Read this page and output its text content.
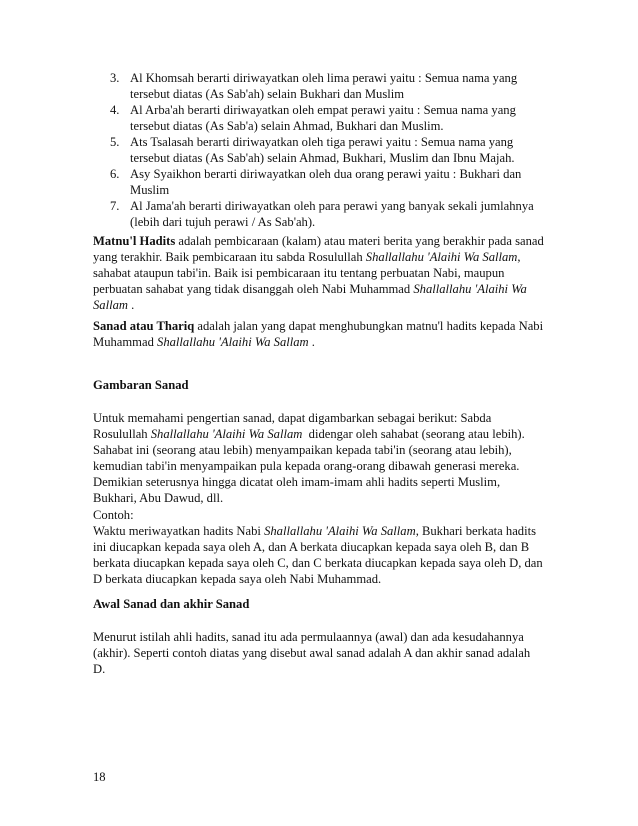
3. Al Khomsah berarti diriwayatkan oleh lima perawi yaitu : Semua nama yang
tersebut diatas (As Sab'ah) selain Bukhari dan Muslim
4. Al Arba'ah berarti diriwayatkan oleh empat perawi yaitu : Semua nama yang
tersebut diatas (As Sab'a) selain Ahmad, Bukhari dan Muslim.
5. Ats Tsalasah berarti diriwayatkan oleh tiga perawi yaitu : Semua nama yang
tersebut diatas (As Sab'ah) selain Ahmad, Bukhari, Muslim dan Ibnu Majah.
6. Asy Syaikhon berarti diriwayatkan oleh dua orang perawi yaitu : Bukhari dan
Muslim
7. Al Jama'ah berarti diriwayatkan oleh para perawi yang banyak sekali jumlahnya
(lebih dari tujuh perawi / As Sab'ah).
Matnu'l Hadits adalah pembicaraan (kalam) atau materi berita yang berakhir pada sanad
yang terakhir. Baik pembicaraan itu sabda Rosulullah Shallallahu 'Alaihi Wa Sallam,
sahabat ataupun tabi'in. Baik isi pembicaraan itu tentang perbuatan Nabi, maupun
perbuatan sahabat yang tidak disanggah oleh Nabi Muhammad Shallallahu 'Alaihi Wa
Sallam .
Sanad atau Thariq adalah jalan yang dapat menghubungkan matnu'l hadits kepada Nabi
Muhammad Shallallahu 'Alaihi Wa Sallam .
Gambaran Sanad
Untuk memahami pengertian sanad, dapat digambarkan sebagai berikut: Sabda
Rosulullah Shallallahu 'Alaihi Wa Sallam  didengar oleh sahabat (seorang atau lebih).
Sahabat ini (seorang atau lebih) menyampaikan kepada tabi'in (seorang atau lebih),
kemudian tabi'in menyampaikan pula kepada orang-orang dibawah generasi mereka.
Demikian seterusnya hingga dicatat oleh imam-imam ahli hadits seperti Muslim,
Bukhari, Abu Dawud, dll.
Contoh:
Waktu meriwayatkan hadits Nabi Shallallahu 'Alaihi Wa Sallam, Bukhari berkata hadits
ini diucapkan kepada saya oleh A, dan A berkata diucapkan kepada saya oleh B, dan B
berkata diucapkan kepada saya oleh C, dan C berkata diucapkan kepada saya oleh D, dan
D berkata diucapkan kepada saya oleh Nabi Muhammad.
Awal Sanad dan akhir Sanad
Menurut istilah ahli hadits, sanad itu ada permulaannya (awal) dan ada kesudahannya
(akhir). Seperti contoh diatas yang disebut awal sanad adalah A dan akhir sanad adalah
D.
18
